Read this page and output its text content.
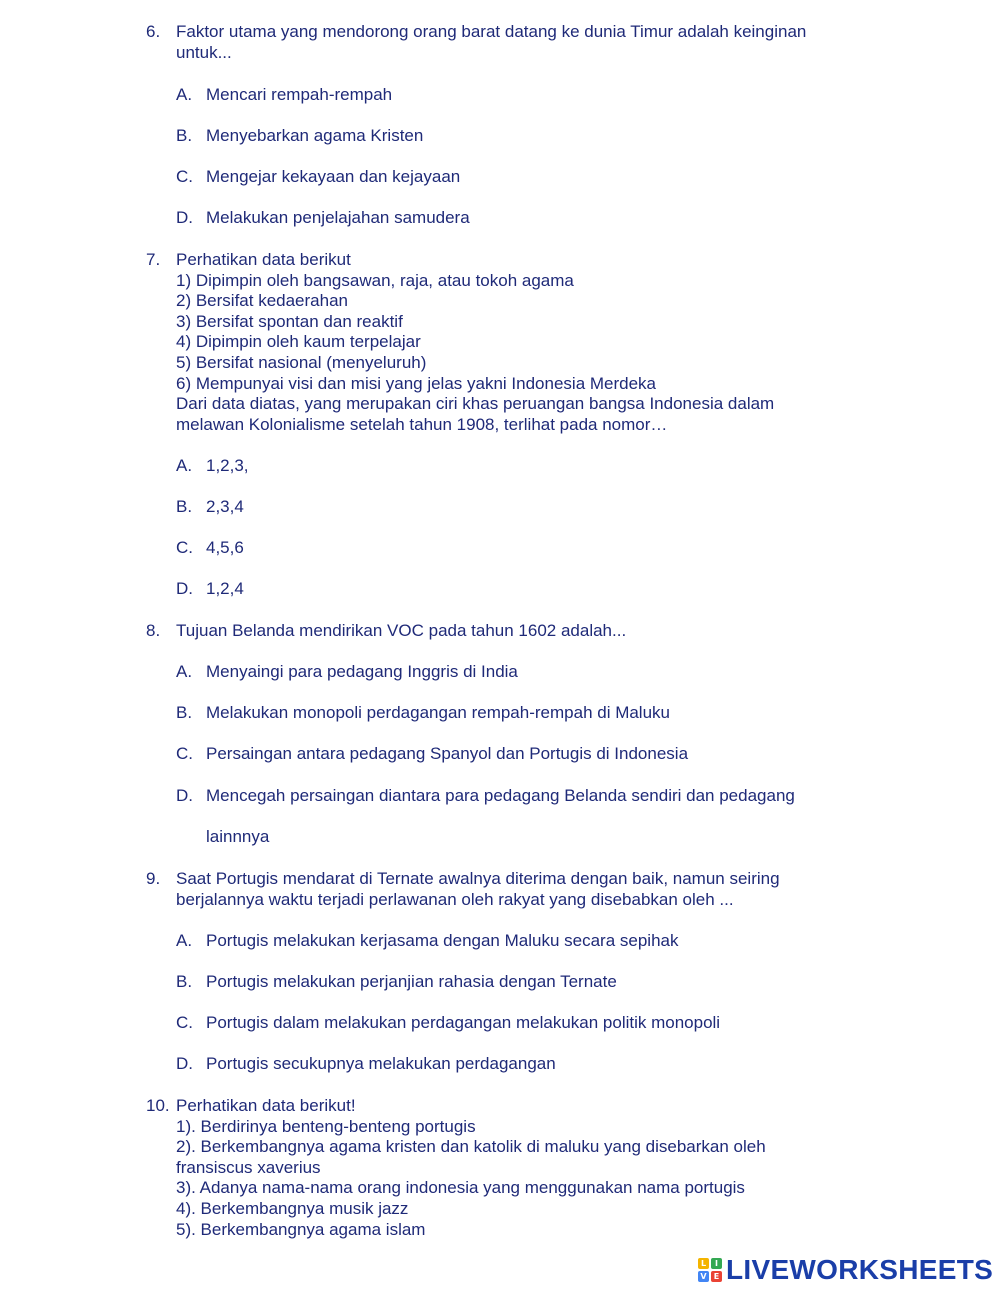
6. Faktor utama yang mendorong orang barat datang ke dunia Timur adalah keinginan
untuk...
A. Mencari rempah-rempah
B. Menyebarkan agama Kristen
C. Mengejar kekayaan dan kejayaan
D. Melakukan penjelajahan samudera
7. Perhatikan data berikut
1) Dipimpin oleh bangsawan, raja, atau tokoh agama
2) Bersifat kedaerahan
3) Bersifat spontan dan reaktif
4) Dipimpin oleh kaum terpelajar
5) Bersifat nasional (menyeluruh)
6) Mempunyai visi dan misi yang jelas yakni Indonesia Merdeka
Dari data diatas, yang merupakan ciri khas peruangan bangsa Indonesia dalam
melawan Kolonialisme setelah tahun 1908, terlihat pada nomor…
A. 1,2,3,
B. 2,3,4
C. 4,5,6
D. 1,2,4
8. Tujuan Belanda mendirikan VOC pada tahun 1602 adalah...
A. Menyaingi para pedagang Inggris di India
B. Melakukan monopoli perdagangan rempah-rempah di Maluku
C. Persaingan antara pedagang Spanyol dan Portugis di Indonesia
D. Mencegah persaingan diantara para pedagang Belanda sendiri dan pedagang
lainnnya
9. Saat Portugis mendarat di Ternate awalnya diterima dengan baik, namun seiring
berjalannya waktu terjadi perlawanan oleh rakyat yang disebabkan oleh ...
A. Portugis melakukan kerjasama dengan Maluku secara sepihak
B. Portugis melakukan perjanjian rahasia dengan Ternate
C. Portugis dalam melakukan perdagangan melakukan politik monopoli
D. Portugis secukupnya melakukan perdagangan
10. Perhatikan data berikut!
1). Berdirinya benteng-benteng portugis
2). Berkembangnya agama kristen dan katolik di maluku yang disebarkan oleh
fransiscus xaverius
3). Adanya nama-nama orang indonesia yang menggunakan nama portugis
4). Berkembangnya musik jazz
5). Berkembangnya agama islam
L	I
V E LIVEWORKSHEETS
